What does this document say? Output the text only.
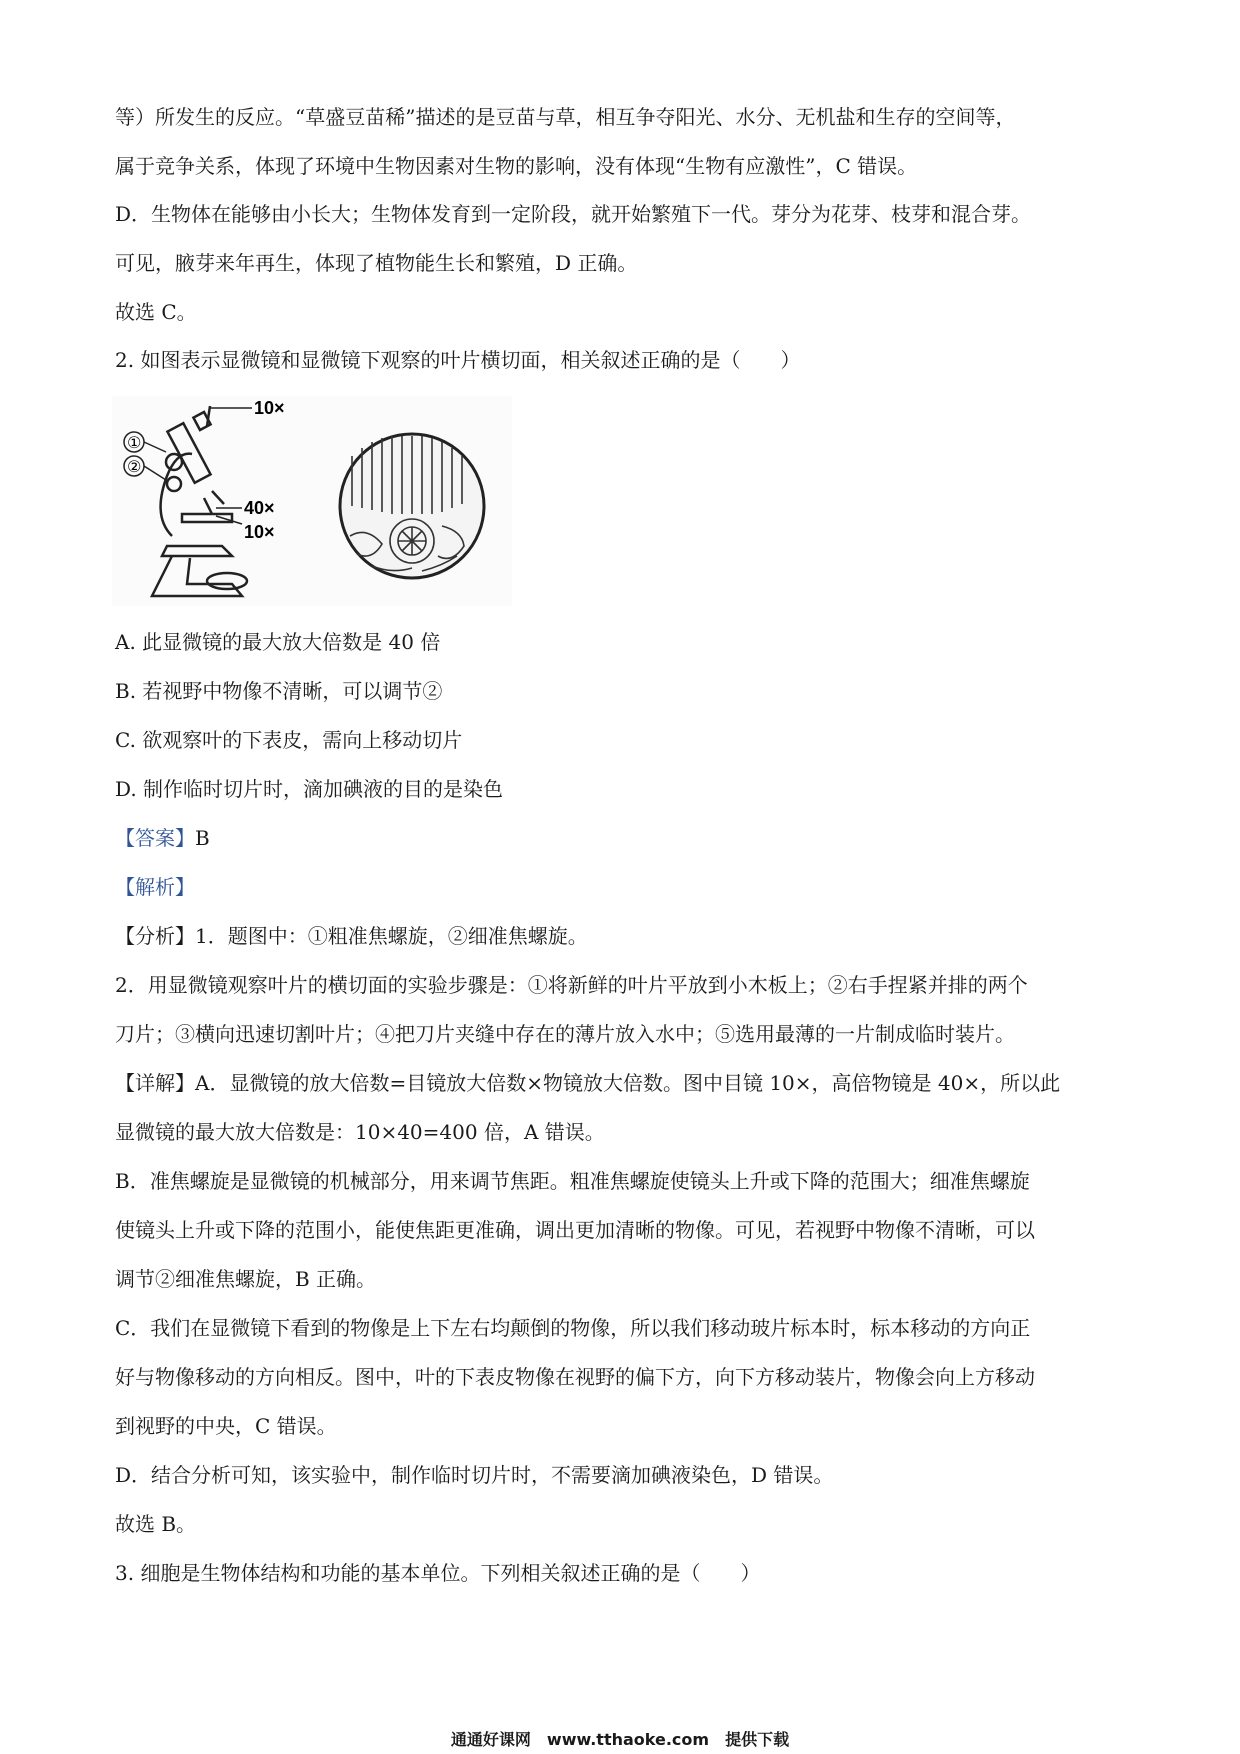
等）所发生的反应。“草盛豆苗稀”描述的是豆苗与草，相互争夺阳光、水分、无机盐和生存的空间等，
属于竞争关系，体现了环境中生物因素对生物的影响，没有体现“生物有应激性”，C 错误。
D．生物体在能够由小长大；生物体发育到一定阶段，就开始繁殖下一代。芽分为花芽、枝芽和混合芽。
可见，腋芽来年再生，体现了植物能生长和繁殖，D 正确。
故选 C。
2. 如图表示显微镜和显微镜下观察的叶片横切面，相关叙述正确的是（　　）
10×
①
②
40×
10×
A. 此显微镜的最大放大倍数是 40 倍
B. 若视野中物像不清晰，可以调节②
C. 欲观察叶的下表皮，需向上移动切片
D. 制作临时切片时，滴加碘液的目的是染色
【答案】B
【解析】
【分析】1．题图中：①粗准焦螺旋，②细准焦螺旋。
2．用显微镜观察叶片的横切面的实验步骤是：①将新鲜的叶片平放到小木板上；②右手捏紧并排的两个
刀片；③横向迅速切割叶片；④把刀片夹缝中存在的薄片放入水中；⑤选用最薄的一片制成临时装片。
【详解】A．显微镜的放大倍数=目镜放大倍数×物镜放大倍数。图中目镜 10×，高倍物镜是 40×，所以此
显微镜的最大放大倍数是：10×40=400 倍，A 错误。
B．准焦螺旋是显微镜的机械部分，用来调节焦距。粗准焦螺旋使镜头上升或下降的范围大；细准焦螺旋
使镜头上升或下降的范围小，能使焦距更准确，调出更加清晰的物像。可见，若视野中物像不清晰，可以
调节②细准焦螺旋，B 正确。
C．我们在显微镜下看到的物像是上下左右均颠倒的物像，所以我们移动玻片标本时，标本移动的方向正
好与物像移动的方向相反。图中，叶的下表皮物像在视野的偏下方，向下方移动装片，物像会向上方移动
到视野的中央，C 错误。
D．结合分析可知，该实验中，制作临时切片时，不需要滴加碘液染色，D 错误。
故选 B。
3. 细胞是生物体结构和功能的基本单位。下列相关叙述正确的是（　　）
通通好课网　www.tthaoke.com　提供下载
